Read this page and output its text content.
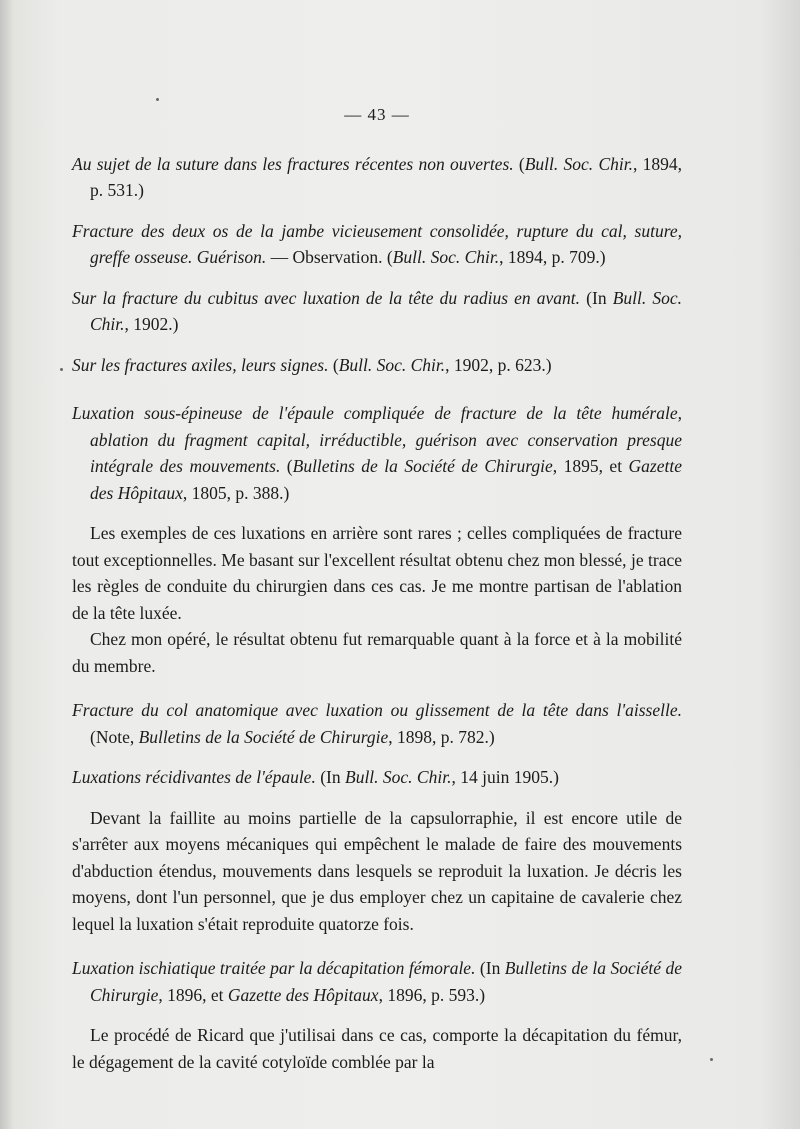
— 43 —
Au sujet de la suture dans les fractures récentes non ouvertes. (Bull. Soc. Chir., 1894, p. 531.)
Fracture des deux os de la jambe vicieusement consolidée, rupture du cal, suture, greffe osseuse. Guérison. — Observation. (Bull. Soc. Chir., 1894, p. 709.)
Sur la fracture du cubitus avec luxation de la tête du radius en avant. (In Bull. Soc. Chir., 1902.)
Sur les fractures axiles, leurs signes. (Bull. Soc. Chir., 1902, p. 623.)
Luxation sous-épineuse de l'épaule compliquée de fracture de la tête humérale, ablation du fragment capital, irréductible, guérison avec conservation presque intégrale des mouvements. (Bulletins de la Société de Chirurgie, 1895, et Gazette des Hôpitaux, 1805, p. 388.)

Les exemples de ces luxations en arrière sont rares ; celles compliquées de fracture tout exceptionnelles. Me basant sur l'excellent résultat obtenu chez mon blessé, je trace les règles de conduite du chirurgien dans ces cas. Je me montre partisan de l'ablation de la tête luxée.

Chez mon opéré, le résultat obtenu fut remarquable quant à la force et à la mobilité du membre.

Fracture du col anatomique avec luxation ou glissement de la tête dans l'aisselle. (Note, Bulletins de la Société de Chirurgie, 1898, p. 782.)
Luxations récidivantes de l'épaule. (In Bull. Soc. Chir., 14 juin 1905.)

Devant la faillite au moins partielle de la capsulorraphie, il est encore utile de s'arrêter aux moyens mécaniques qui empêchent le malade de faire des mouvements d'abduction étendus, mouvements dans lesquels se reproduit la luxation. Je décris les moyens, dont l'un personnel, que je dus employer chez un capitaine de cavalerie chez lequel la luxation s'était reproduite quatorze fois.

Luxation ischiatique traitée par la décapitation fémorale. (In Bulletins de la Société de Chirurgie, 1896, et Gazette des Hôpitaux, 1896, p. 593.)

Le procédé de Ricard que j'utilisai dans ce cas, comporte la décapitation du fémur, le dégagement de la cavité cotyloïde comblée par la
